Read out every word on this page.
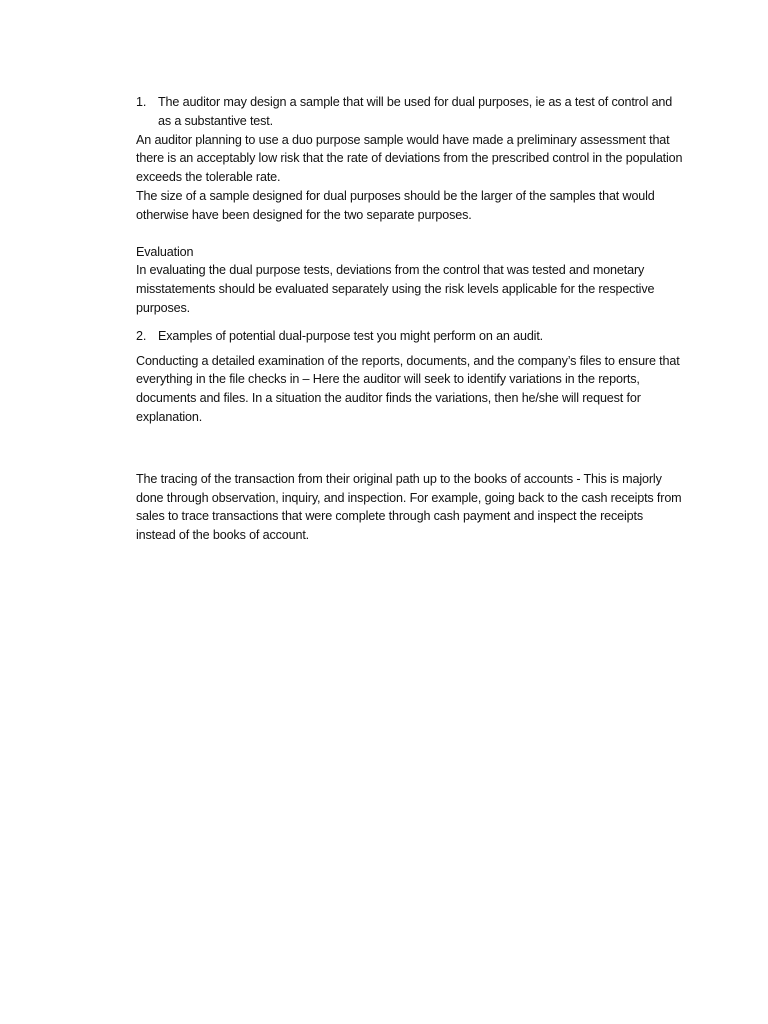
1. The auditor may design a sample that will be used for dual purposes, ie as a test of control and as a substantive test.

An auditor planning to use a duo purpose sample would have made a preliminary assessment that there is an acceptably low risk that the rate of deviations from the prescribed control in the population exceeds the tolerable rate.

The size of a sample designed for dual purposes should be the larger of the samples that would otherwise have been designed for the two separate purposes.

Evaluation

In evaluating the dual purpose tests, deviations from the control that was tested and monetary misstatements should be evaluated separately using the risk levels applicable for the respective purposes.

2. Examples of potential dual-purpose test you might perform on an audit.

Conducting a detailed examination of the reports, documents, and the company’s files to ensure that everything in the file checks in – Here the auditor will seek to identify variations in the reports, documents and files. In a situation the auditor finds the variations, then he/she will request for explanation.

The tracing of the transaction from their original path up to the books of accounts - This is majorly done through observation, inquiry, and inspection. For example, going back to the cash receipts from sales to trace transactions that were complete through cash payment and inspect the receipts instead of the books of account.
